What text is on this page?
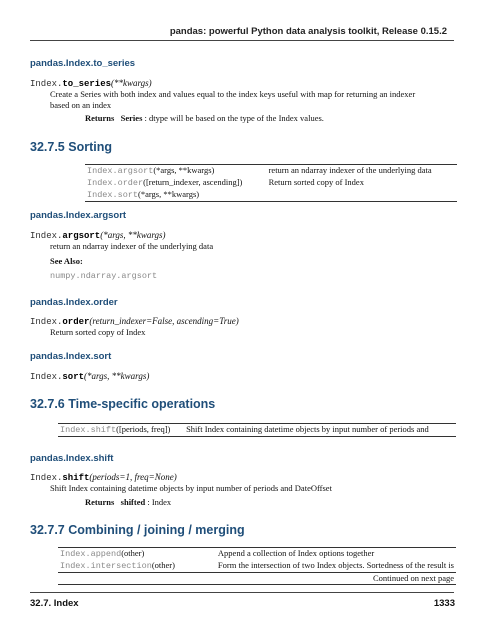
pandas: powerful Python data analysis toolkit, Release 0.15.2
pandas.Index.to_series
Index.to_series(**kwargs)
Create a Series with both index and values equal to the index keys useful with map for returning an indexer
based on an index
Returns Series : dtype will be based on the type of the Index values.
32.7.5 Sorting
Index.argsort(*args, **kwargs)	return an ndarray indexer of the underlying data
Index.order([return_indexer, ascending])	Return sorted copy of Index
Index.sort(*args, **kwargs)	
pandas.Index.argsort
Index.argsort(*args, **kwargs)
return an ndarray indexer of the underlying data
See Also:
numpy.ndarray.argsort
pandas.Index.order
Index.order(return_indexer=False, ascending=True)
Return sorted copy of Index
pandas.Index.sort
Index.sort(*args, **kwargs)
32.7.6 Time-specific operations
Index.shift([periods, freq])	Shift Index containing datetime objects by input number of periods and
pandas.Index.shift
Index.shift(periods=1, freq=None)
Shift Index containing datetime objects by input number of periods and DateOffset
Returns shifted : Index
32.7.7 Combining / joining / merging
Index.append(other)	Append a collection of Index options together
Index.intersection(other)	Form the intersection of two Index objects. Sortedness of the result is
	Continued on next page
32.7. Index	1333
